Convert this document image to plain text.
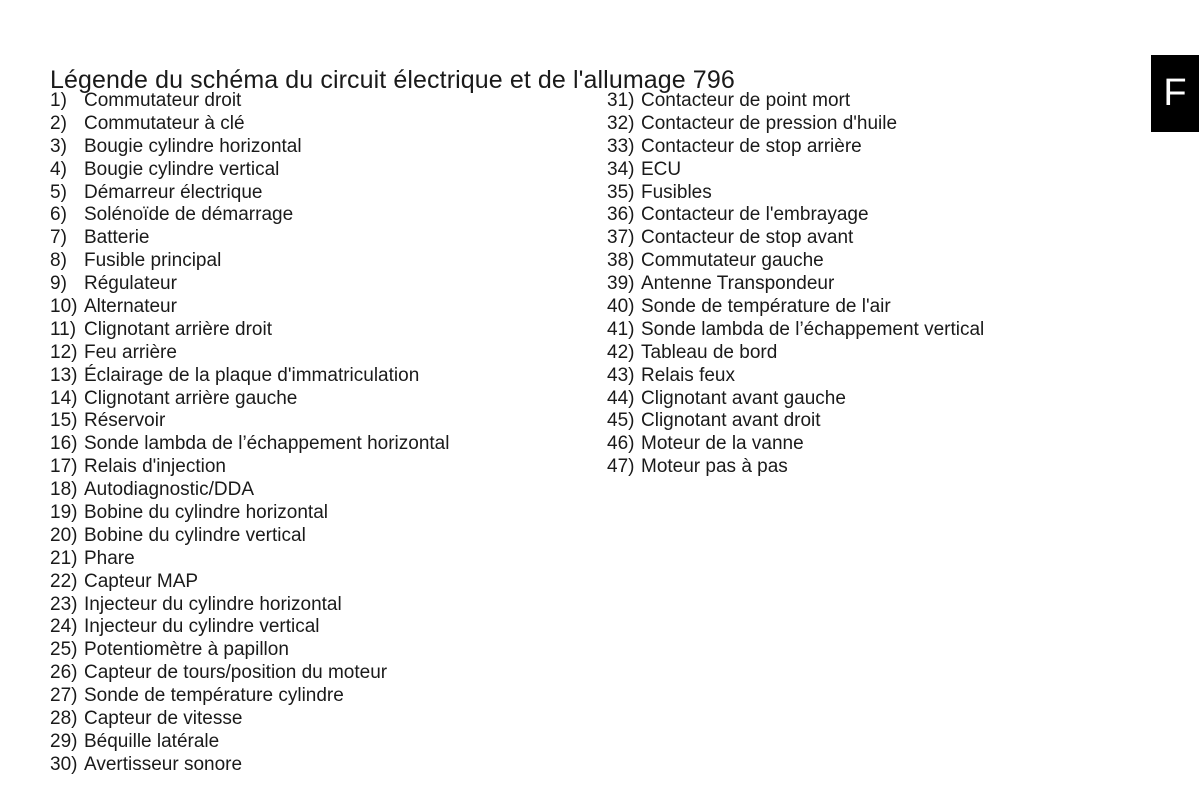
Légende du schéma du circuit électrique et de l'allumage 796	F
1) Commutateur droit
2) Commutateur à clé
3) Bougie cylindre horizontal
4) Bougie cylindre vertical
5) Démarreur électrique
6) Solénoïde de démarrage
7) Batterie
8) Fusible principal
9) Régulateur
10) Alternateur
11) Clignotant arrière droit
12) Feu arrière
13) Éclairage de la plaque d'immatriculation
14) Clignotant arrière gauche
15) Réservoir
16) Sonde lambda de l’échappement horizontal
17) Relais d'injection
18) Autodiagnostic/DDA
19) Bobine du cylindre horizontal
20) Bobine du cylindre vertical
21) Phare
22) Capteur MAP
23) Injecteur du cylindre horizontal
24) Injecteur du cylindre vertical
25) Potentiomètre à papillon
26) Capteur de tours/position du moteur
27) Sonde de température cylindre
28) Capteur de vitesse
29) Béquille latérale
30) Avertisseur sonore
31) Contacteur de point mort
32) Contacteur de pression d'huile
33) Contacteur de stop arrière
34) ECU
35) Fusibles
36) Contacteur de l'embrayage
37) Contacteur de stop avant
38) Commutateur gauche
39) Antenne Transpondeur
40) Sonde de température de l'air
41) Sonde lambda de l’échappement vertical
42) Tableau de bord
43) Relais feux
44) Clignotant avant gauche
45) Clignotant avant droit
46) Moteur de la vanne
47) Moteur pas à pas
